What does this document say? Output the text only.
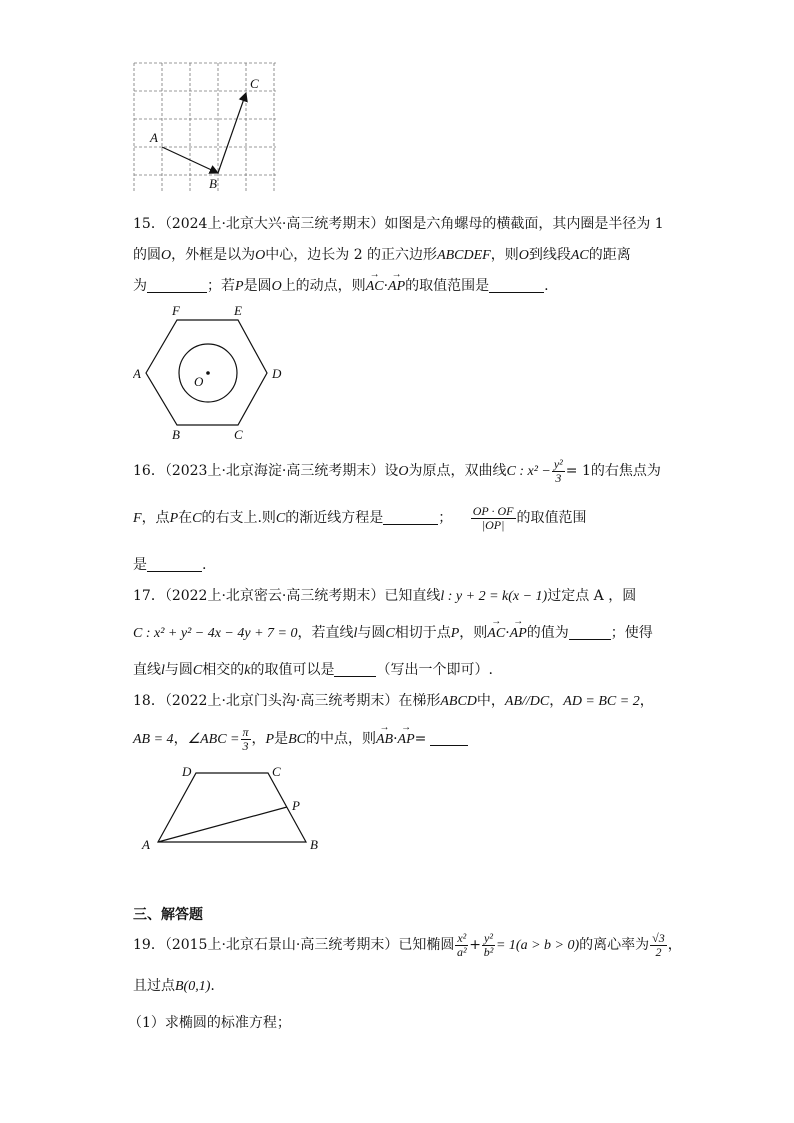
A
B
C
15．（2024上·北京大兴·高三统考期末）如图是六角螺母的横截面，其内圈是半径为 1
的圆O，外框是以为O中心，边长为 2 的正六边形ABCDEF，则O到线段AC的距离
为	；若P是圆O上的动点，则→ AC·→ AP的取值范围是	.
F	E
A	D
B	C
O
16．（2023上·北京海淀·高三统考期末）设O为原点，双曲线C : $x^2 - \frac{\text{y²}}{3} = 1$的右焦点为
F，点P在C的右支上.则C的渐近线方程是	； $\frac{OP \cdot OF}{|OP|}$ 的取值范围
是	.
17．（2022上·北京密云·高三统考期末）已知直线l : y + 2 = k(x − 1)过定点 A ，圆
C : x² + y² − 4x − 4y + 7 = 0，若直线l与圆C相切于点P，则→ AC·→ AP的值为	；使得
直线l与圆C相交的k的取值可以是	（写出一个即可）.
18．（2022上·北京门头沟·高三统考期末）在梯形ABCD中，AB//DC，AD = BC = 2，
AB = 4，∠ABC = $\frac{\pi}{3}$ ，P是BC的中点，则→ AB·→ AP=
A	B
C
D
P
三、解答题
19．（2015上·北京石景山·高三统考期末）已知椭圆 $\frac{\text{x²}}{\text{a²}} + \frac{\text{y²}}{\text{b²}} = 1(a > b > 0)$的离心率为 $\frac{√3}{2}$ ，
且过点B(0,1).
（1）求椭圆的标准方程；
